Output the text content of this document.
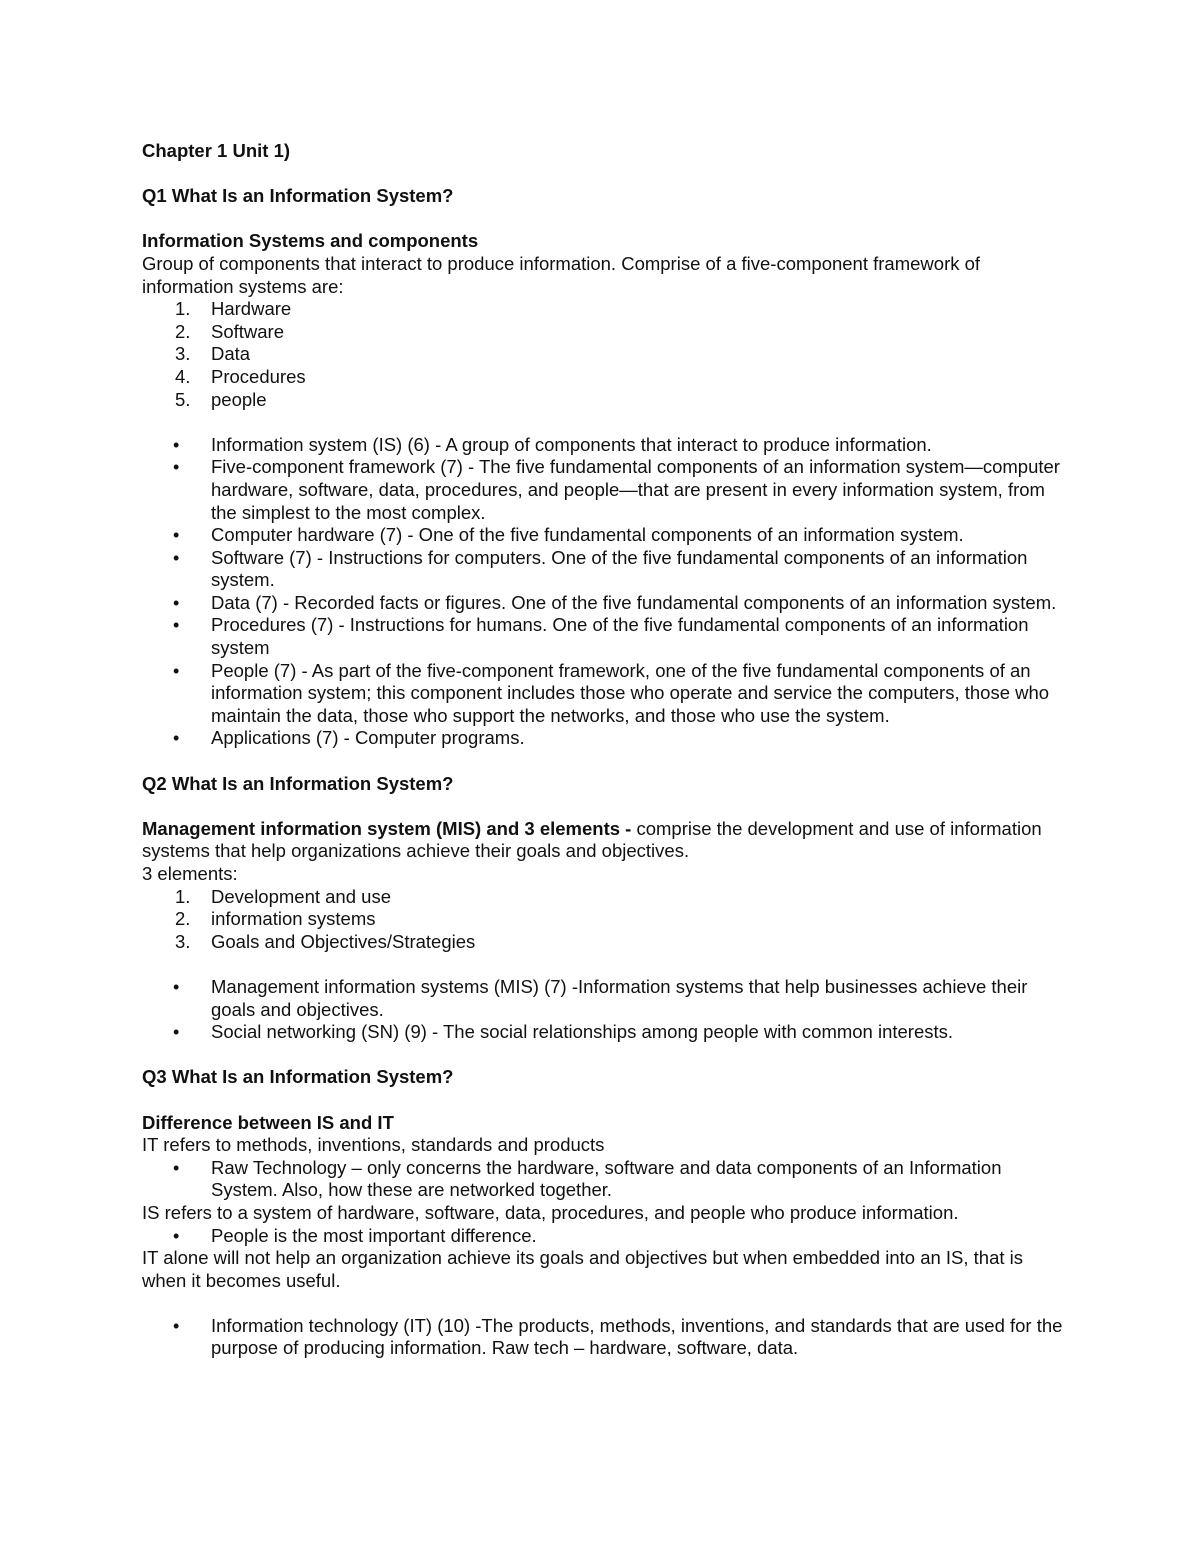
Chapter 1 Unit 1)

Q1 What Is an Information System?

Information Systems and components

Group of components that interact to produce information. Comprise of a five-component framework of information systems are:

1.	Hardware
2.	Software
3.	Data
4.	Procedures
5.	people
• Information system (IS) (6) - A group of components that interact to produce information.
• Five-component framework (7) - The five fundamental components of an information system—computer hardware, software, data, procedures, and people—that are present in every information system, from the simplest to the most complex.
• Computer hardware (7) - One of the five fundamental components of an information system.
• Software (7) - Instructions for computers. One of the five fundamental components of an information system.
• Data (7) - Recorded facts or figures. One of the five fundamental components of an information system.
• Procedures (7) - Instructions for humans. One of the five fundamental components of an information system
• People (7) - As part of the five-component framework, one of the five fundamental components of an information system; this component includes those who operate and service the computers, those who maintain the data, those who support the networks, and those who use the system.
• Applications (7) - Computer programs.

Q2 What Is an Information System?

Management information system (MIS) and 3 elements - comprise the development and use of information systems that help organizations achieve their goals and objectives.

3 elements:

1.	Development and use
2.	information systems
3.	Goals and Objectives/Strategies
• Management information systems (MIS) (7) -Information systems that help businesses achieve their goals and objectives.
• Social networking (SN) (9) - The social relationships among people with common interests.

Q3 What Is an Information System?

Difference between IS and IT

IT refers to methods, inventions, standards and products

• Raw Technology – only concerns the hardware, software and data components of an Information System. Also, how these are networked together.

IS refers to a system of hardware, software, data, procedures, and people who produce information.

• People is the most important difference.

IT alone will not help an organization achieve its goals and objectives but when embedded into an IS, that is when it becomes useful.

• Information technology (IT) (10) -The products, methods, inventions, and standards that are used for the purpose of producing information. Raw tech – hardware, software, data.
